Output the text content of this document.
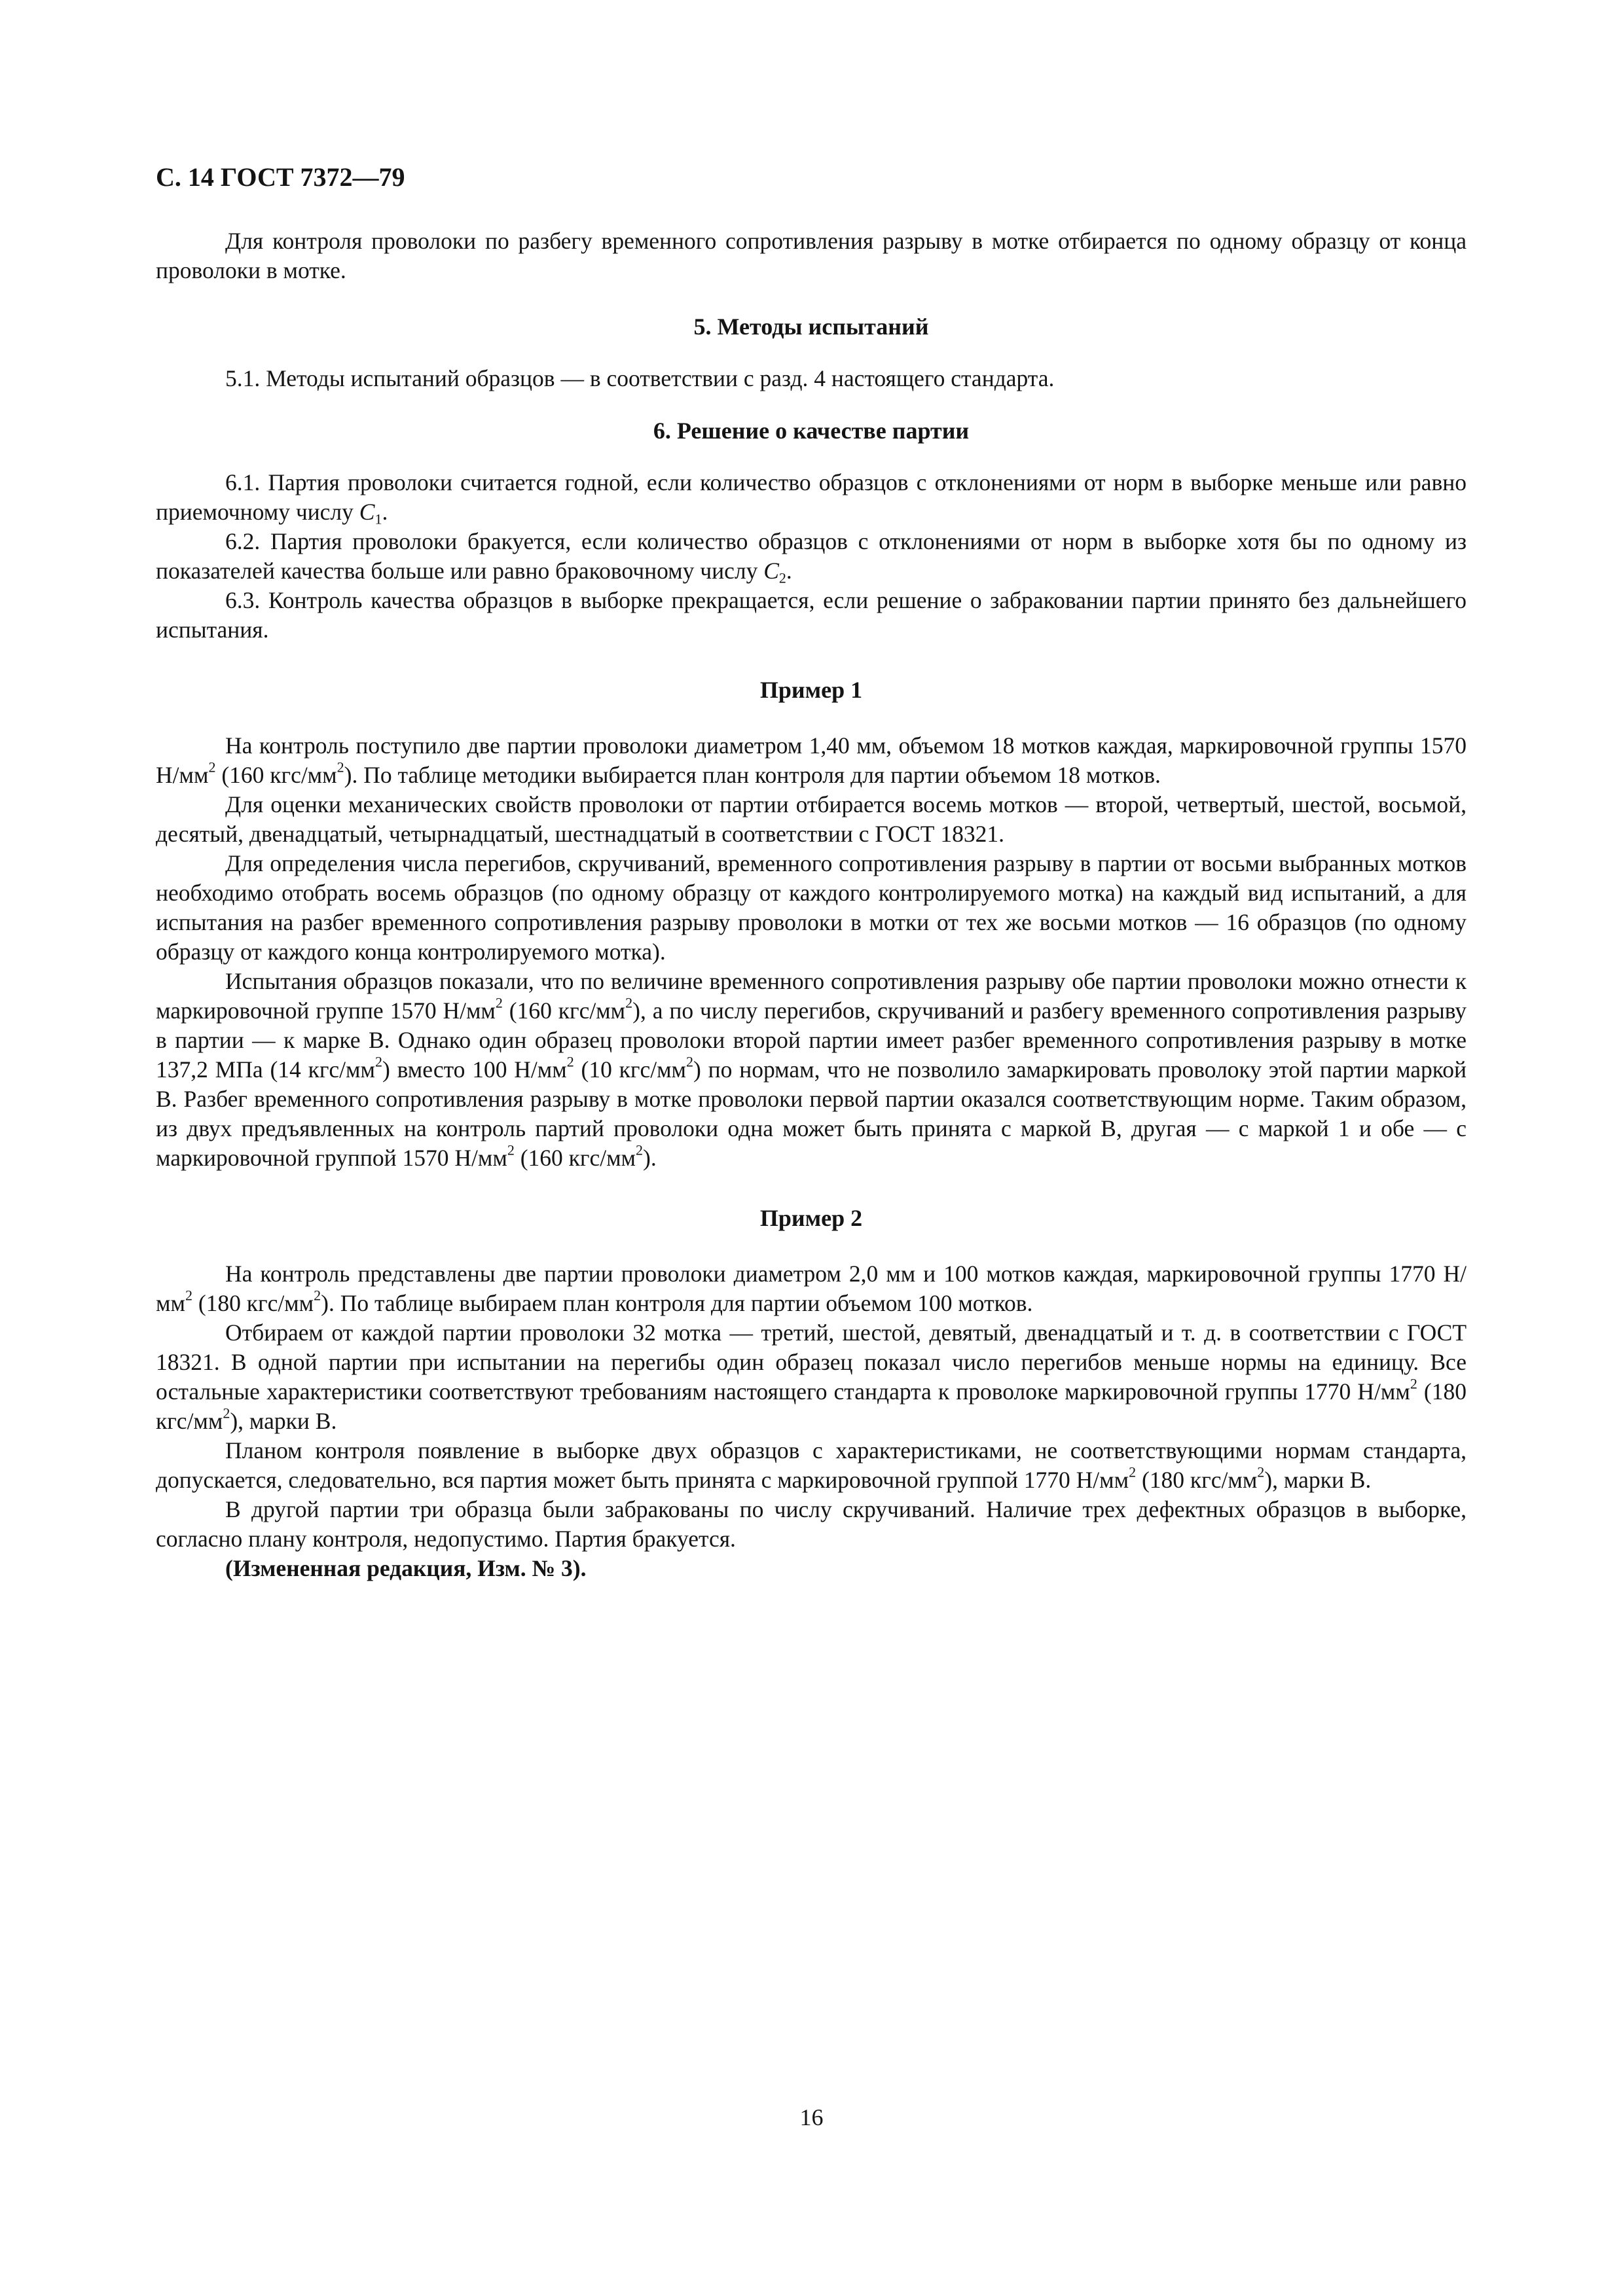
С. 14 ГОСТ 7372—79

Для контроля проволоки по разбегу временного сопротивления разрыву в мотке отбирается по одному образцу от конца проволоки в мотке.

5. Методы испытаний

5.1. Методы испытаний образцов — в соответствии с разд. 4 настоящего стандарта.

6. Решение о качестве партии

6.1. Партия проволоки считается годной, если количество образцов с отклонениями от норм в выборке меньше или равно приемочному числу $C_1$.

6.2. Партия проволоки бракуется, если количество образцов с отклонениями от норм в выборке хотя бы по одному из показателей качества больше или равно браковочному числу $C_2$.

6.3. Контроль качества образцов в выборке прекращается, если решение о забраковании партии принято без дальнейшего испытания.

Пример 1

На контроль поступило две партии проволоки диаметром 1,40 мм, объемом 18 мотков каждая, маркировочной группы 1570 $Н/мм^2$ (160 кгс/$мм^2$). По таблице методики выбирается план контроля для партии объемом 18 мотков.

Для оценки механических свойств проволоки от партии отбирается восемь мотков — второй, четвертый, шестой, восьмой, десятый, двенадцатый, четырнадцатый, шестнадцатый в соответствии с ГОСТ 18321.

Для определения числа перегибов, скручиваний, временного сопротивления разрыву в партии от восьми выбранных мотков необходимо отобрать восемь образцов (по одному образцу от каждого контролируемого мотка) на каждый вид испытаний, а для испытания на разбег временного сопротивления разрыву проволоки в мотки от тех же восьми мотков — 16 образцов (по одному образцу от каждого конца контролируемого мотка).

Испытания образцов показали, что по величине временного сопротивления разрыву обе партии проволоки можно отнести к маркировочной группе 1570 $Н/мм^2$ (160 кгс/$мм^2$), а по числу перегибов, скручиваний и разбегу временного сопротивления разрыву в партии — к марке В. Однако один образец проволоки второй партии имеет разбег временного сопротивления разрыву в мотке 137,2 МПа (14 кгс/$мм^2$) вместо 100 $Н/мм^2$ (10 кгс/$мм^2$) по нормам, что не позволило замаркировать проволоку этой партии маркой В. Разбег временного сопротивления разрыву в мотке проволоки первой партии оказался соответствующим норме. Таким образом, из двух предъявленных на контроль партий проволоки одна может быть принята с маркой В, другая — с маркой 1 и обе — с маркировочной группой 1570 $Н/мм^2$ (160 кгс/$мм^2$).

Пример 2

На контроль представлены две партии проволоки диаметром 2,0 мм и 100 мотков каждая, маркировочной группы 1770 $Н/мм^2$ (180 кгс/$мм^2$). По таблице выбираем план контроля для партии объемом 100 мотков.

Отбираем от каждой партии проволоки 32 мотка — третий, шестой, девятый, двенадцатый и т. д. в соответствии с ГОСТ 18321. В одной партии при испытании на перегибы один образец показал число перегибов меньше нормы на единицу. Все остальные характеристики соответствуют требованиям настоящего стандарта к проволоке маркировочной группы 1770 $Н/мм^2$ (180 кгс/$мм^2$), марки В.

Планом контроля появление в выборке двух образцов с характеристиками, не соответствующими нормам стандарта, допускается, следовательно, вся партия может быть принята с маркировочной группой 1770 $Н/мм^2$ (180 кгс/$мм^2$), марки В.

В другой партии три образца были забракованы по числу скручиваний. Наличие трех дефектных образцов в выборке, согласно плану контроля, недопустимо. Партия бракуется.

(Измененная редакция, Изм. № 3).

16
